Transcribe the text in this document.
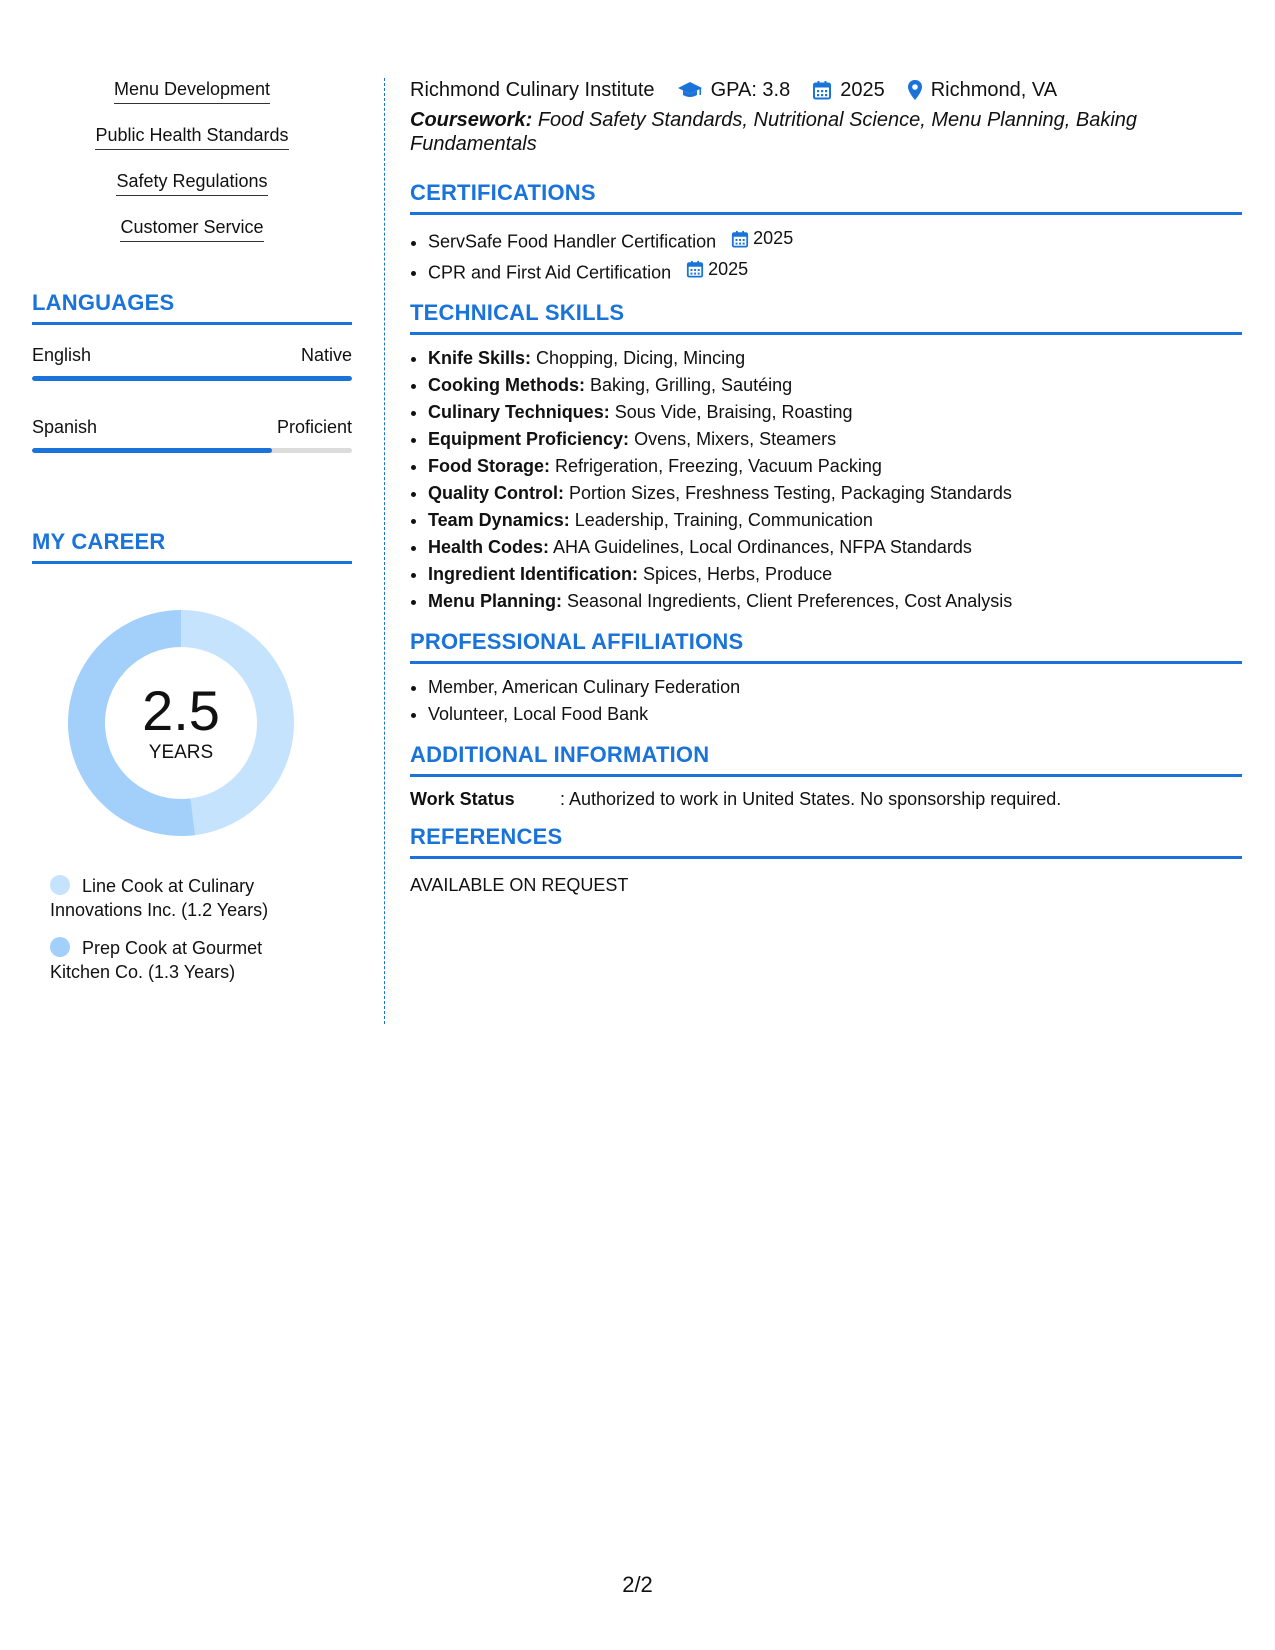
Menu Development
Public Health Standards
Safety Regulations
Customer Service
LANGUAGES
English	Native
Spanish	Proficient
MY CAREER
2.5
YEARS
Line Cook at Culinary Innovations Inc. (1.2 Years)
Prep Cook at Gourmet Kitchen Co. (1.3 Years)
Richmond Culinary Institute	GPA: 3.8	2025 Richmond, VA
Coursework: Food Safety Standards, Nutritional Science, Menu Planning, Baking Fundamentals
CERTIFICATIONS
• ServSafe Food Handler Certification 2025
• CPR and First Aid Certification 2025
TECHNICAL SKILLS
• Knife Skills: Chopping, Dicing, Mincing
• Cooking Methods: Baking, Grilling, Sautéing
• Culinary Techniques: Sous Vide, Braising, Roasting
• Equipment Proficiency: Ovens, Mixers, Steamers
• Food Storage: Refrigeration, Freezing, Vacuum Packing
• Quality Control: Portion Sizes, Freshness Testing, Packaging Standards
• Team Dynamics: Leadership, Training, Communication
• Health Codes: AHA Guidelines, Local Ordinances, NFPA Standards
• Ingredient Identification: Spices, Herbs, Produce
• Menu Planning: Seasonal Ingredients, Client Preferences, Cost Analysis
PROFESSIONAL AFFILIATIONS
• Member, American Culinary Federation
• Volunteer, Local Food Bank
ADDITIONAL INFORMATION
Work Status	: Authorized to work in United States. No sponsorship required.
REFERENCES
AVAILABLE ON REQUEST
2/2
